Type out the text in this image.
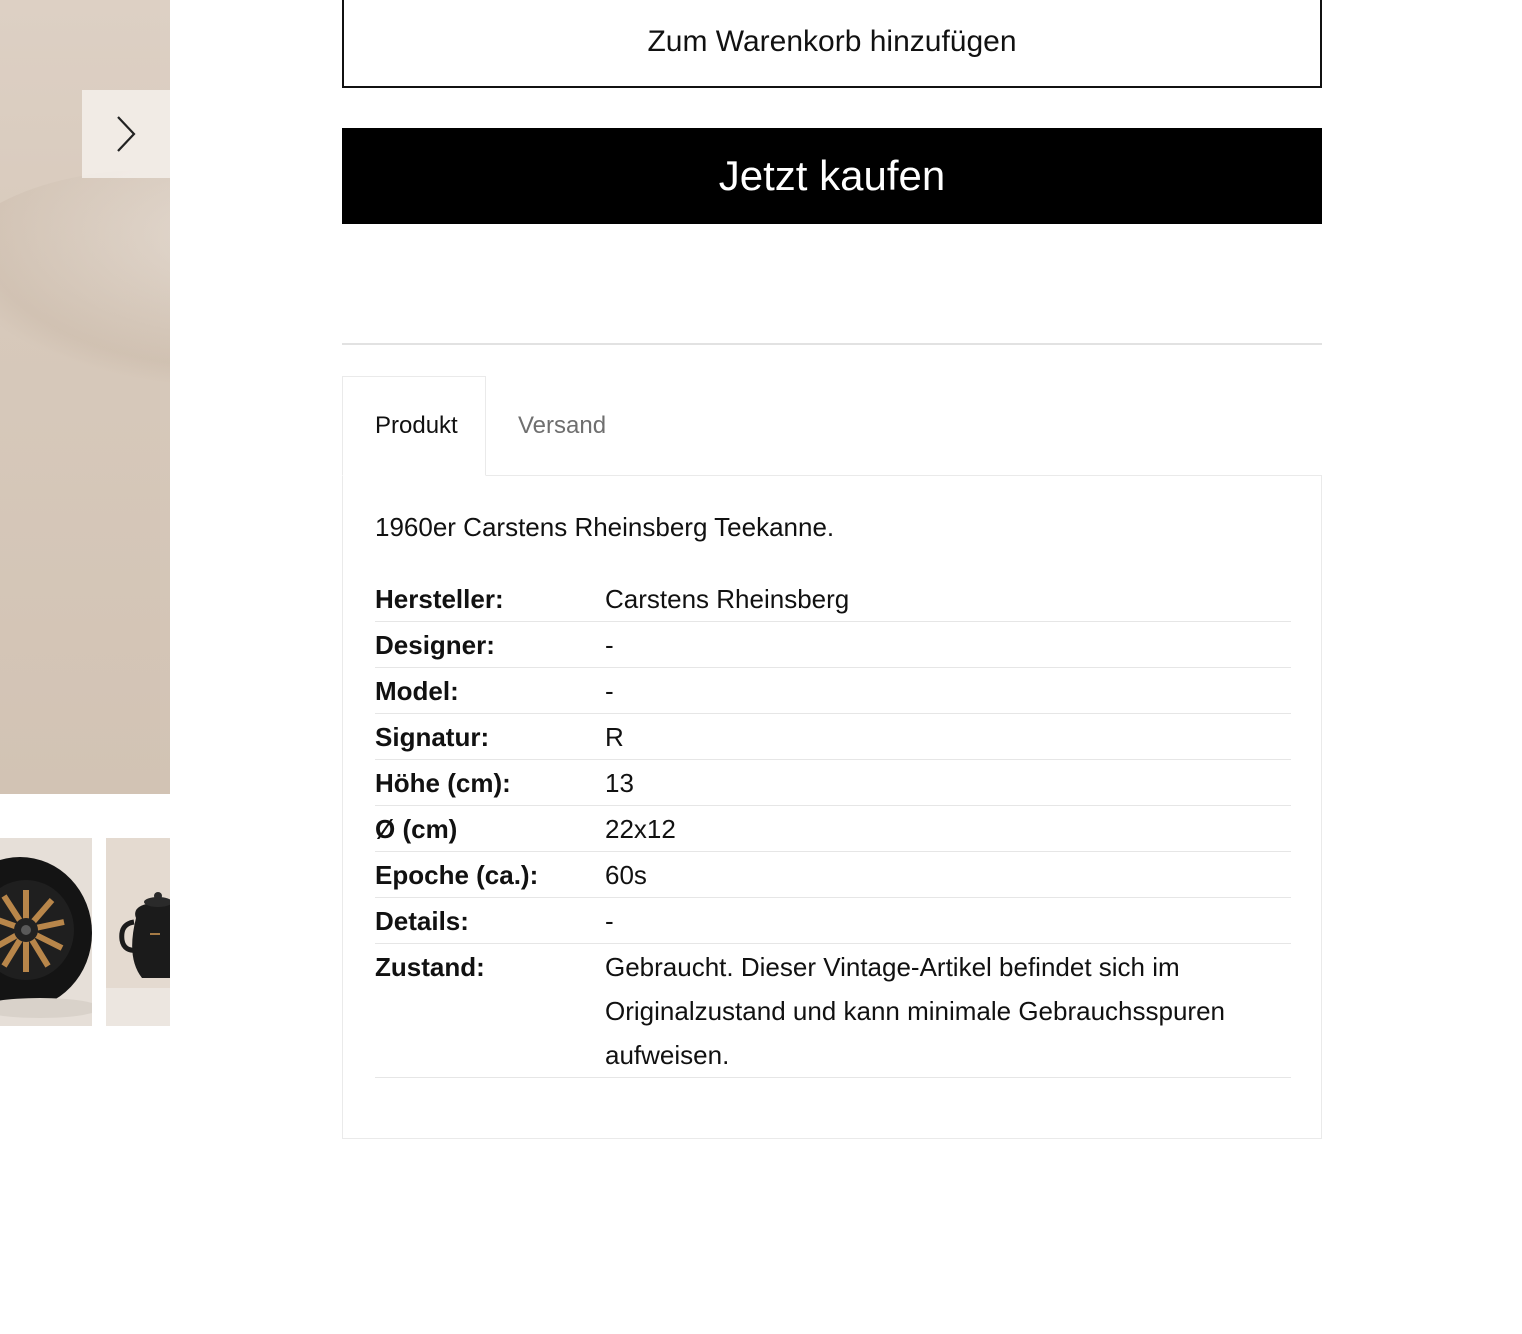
Zum Warenkorb hinzufügen
Jetzt kaufen
Produkt	Versand
1960er Carstens Rheinsberg Teekanne.
Hersteller:	Carstens Rheinsberg
Designer:	-
Model:	-
Signatur:	R
Höhe (cm):	13
Ø (cm)	22x12
Epoche (ca.):	60s
Details:	-
Zustand:	Gebraucht. Dieser Vintage-Artikel befindet sich im Originalzustand und kann minimale Gebrauchsspuren aufweisen.
